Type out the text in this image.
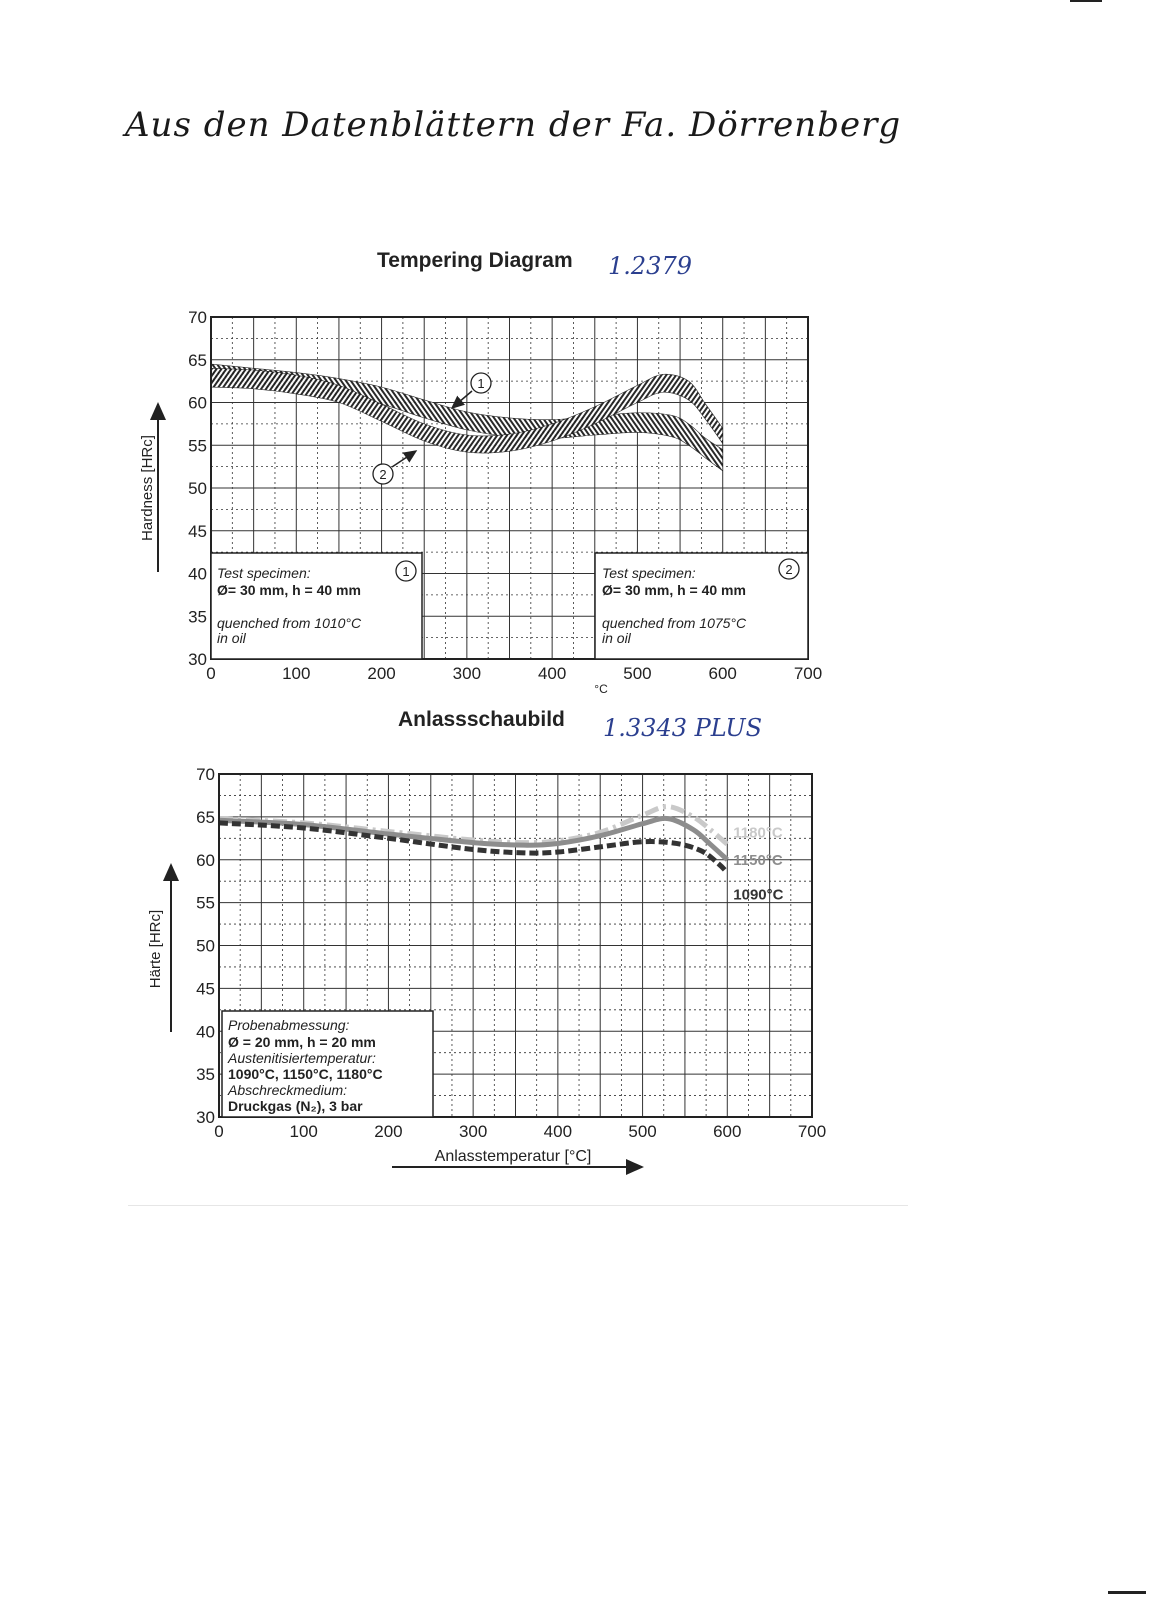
Aus den Datenblättern der Fa. Dörrenberg
Tempering Diagram 1.2379
Anlassschaubild 1.3343 PLUS
30
35
40
45
50
55
60
65
70
0	100	200	300	400	500	600	700
Hardness [HRc]
°C
1
2
1
Test specimen:
Ø= 30 mm, h = 40 mm
quenched from 1010°C
in oil
2
Test specimen:
Ø= 30 mm, h = 40 mm
quenched from 1075°C
in oil
30
35
40
45
50
55
60
65
70
0	100	200	300	400	500	600	700
1180°C
1150°C
1090°C
Härte [HRc]
Anlasstemperatur [°C]
Probenabmessung:
Ø = 20 mm, h = 20 mm
Austenitisiertemperatur:
1090°C, 1150°C, 1180°C
Abschreckmedium:
Druckgas (N₂), 3 bar
